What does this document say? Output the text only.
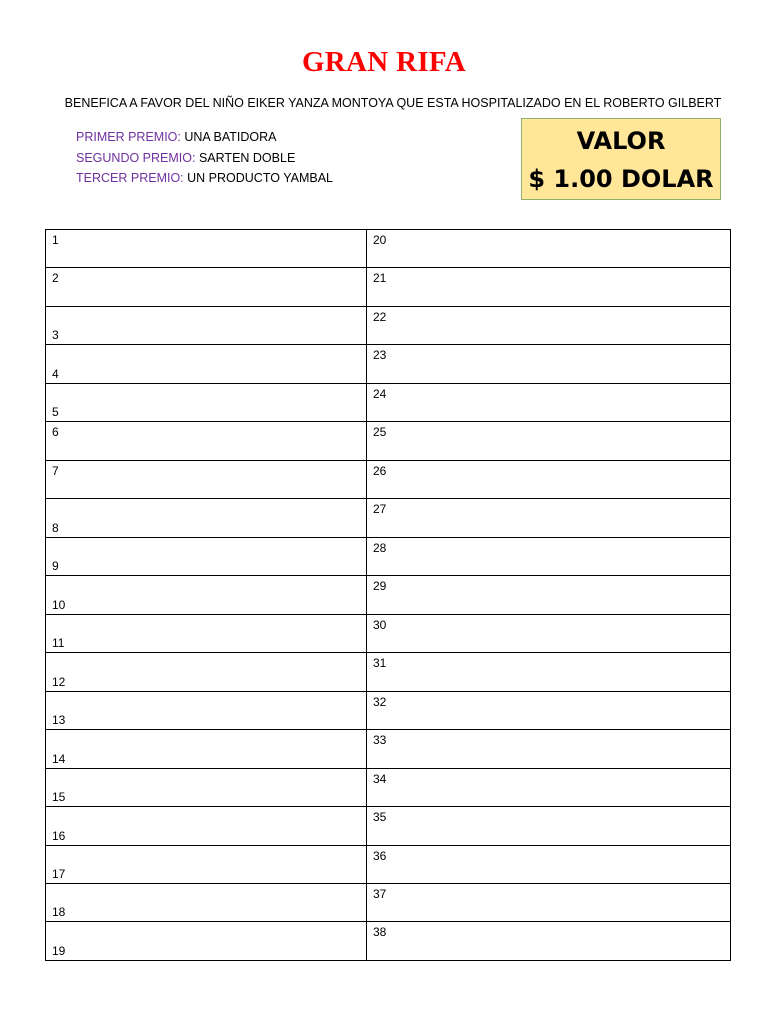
GRAN RIFA
BENEFICA A FAVOR DEL NIÑO EIKER YANZA MONTOYA QUE ESTA HOSPITALIZADO EN EL ROBERTO GILBERT
PRIMER PREMIO: UNA BATIDORA
SEGUNDO PREMIO: SARTEN DOBLE
TERCER PREMIO: UN PRODUCTO YAMBAL
VALOR
$ 1.00 DOLAR
1
2
3
4
5
6
7
8
9
10
11
12
13
14
15
16
17
18
19
20
21
22
23
24
25
26
27
28
29
30
31
32
33
34
35
36
37
38
